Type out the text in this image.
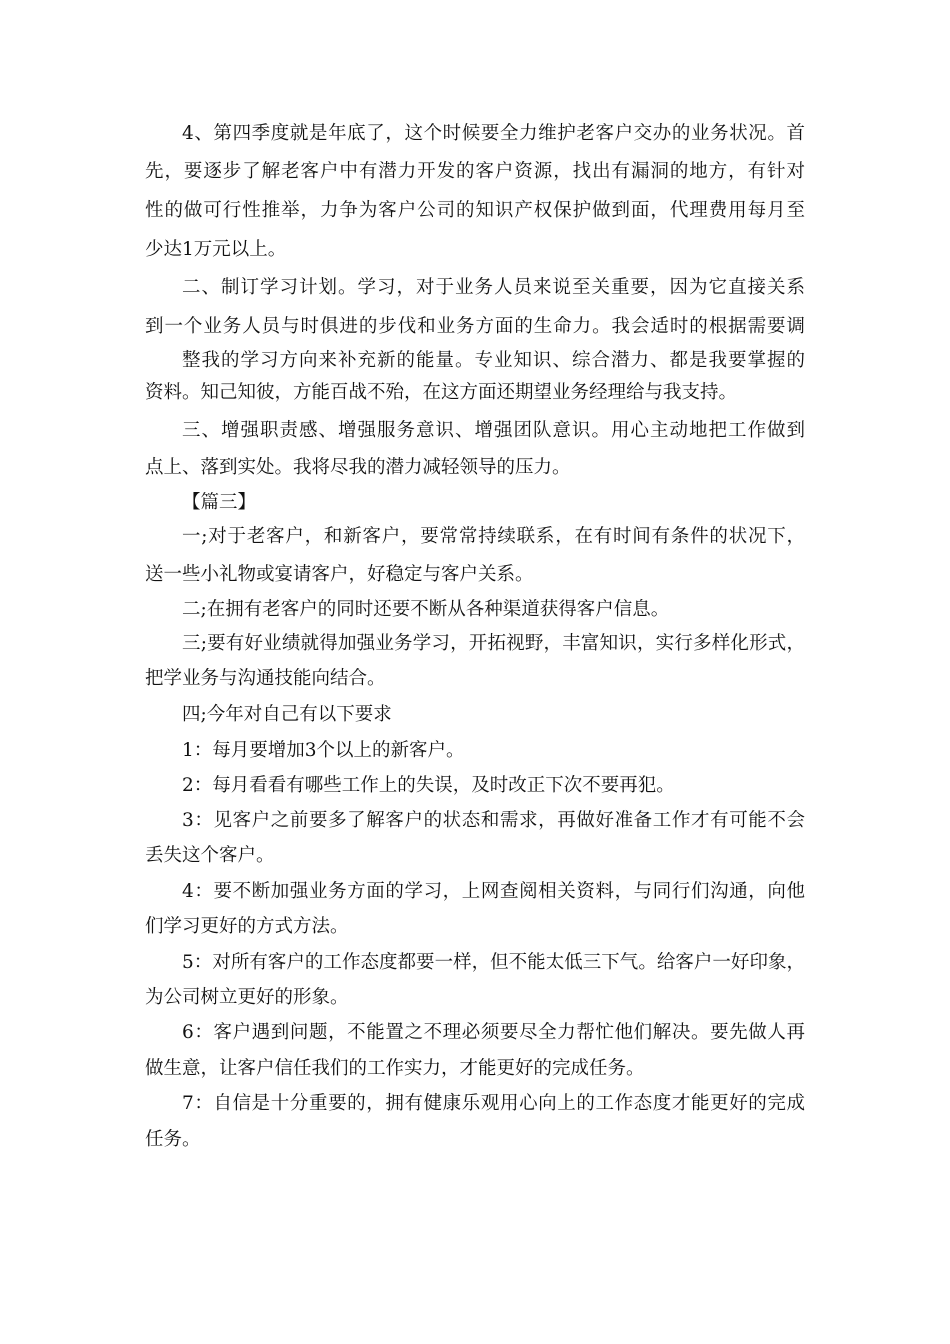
4、第四季度就是年底了，这个时候要全力维护老客户交办的业务状况。首
先，要逐步了解老客户中有潜力开发的客户资源，找出有漏洞的地方，有针对
性的做可行性推举，力争为客户公司的知识产权保护做到面，代理费用每月至
少达1万元以上。
二、制订学习计划。学习，对于业务人员来说至关重要，因为它直接关系
到一个业务人员与时俱进的步伐和业务方面的生命力。我会适时的根据需要调
整我的学习方向来补充新的能量。专业知识、综合潜力、都是我要掌握的
资料。知己知彼，方能百战不殆，在这方面还期望业务经理给与我支持。
三、增强职责感、增强服务意识、增强团队意识。用心主动地把工作做到
点上、落到实处。我将尽我的潜力减轻领导的压力。
【篇三】
一;对于老客户，和新客户，要常常持续联系，在有时间有条件的状况下，
送一些小礼物或宴请客户，好稳定与客户关系。
二;在拥有老客户的同时还要不断从各种渠道获得客户信息。
三;要有好业绩就得加强业务学习，开拓视野，丰富知识，实行多样化形式，
把学业务与沟通技能向结合。
四;今年对自己有以下要求
1：每月要增加3个以上的新客户。
2：每月看看有哪些工作上的失误，及时改正下次不要再犯。
3：见客户之前要多了解客户的状态和需求，再做好准备工作才有可能不会
丢失这个客户。
4：要不断加强业务方面的学习，上网查阅相关资料，与同行们沟通，向他
们学习更好的方式方法。
5：对所有客户的工作态度都要一样，但不能太低三下气。给客户一好印象，
为公司树立更好的形象。
6：客户遇到问题，不能置之不理必须要尽全力帮忙他们解决。要先做人再
做生意，让客户信任我们的工作实力，才能更好的完成任务。
7：自信是十分重要的，拥有健康乐观用心向上的工作态度才能更好的完成
任务。
